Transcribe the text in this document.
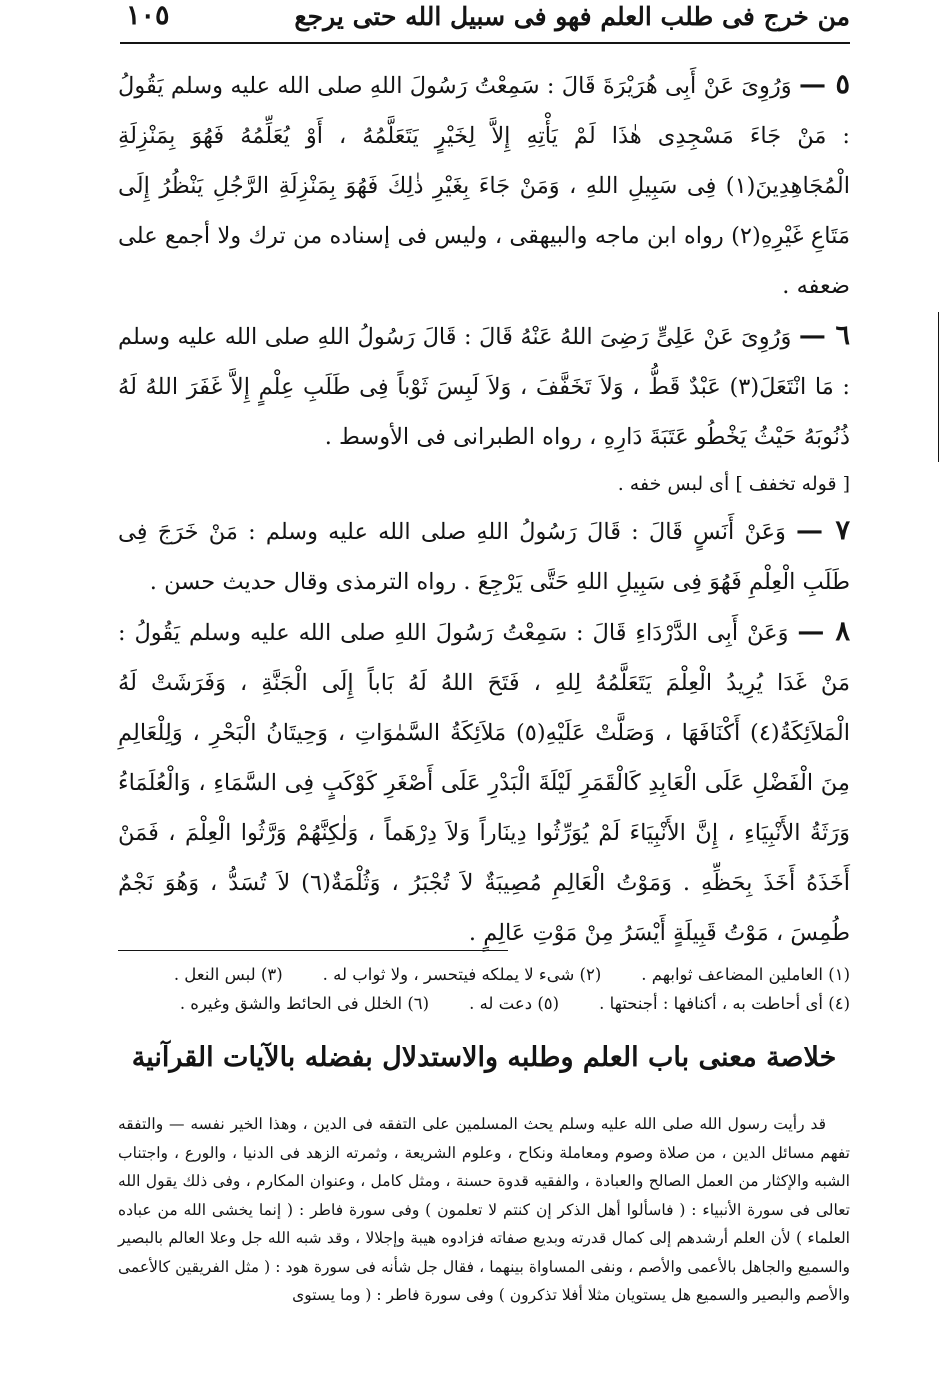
من خرج فى طلب العلم فهو فى سبيل الله حتى يرجع
١٠٥

٥ — وَرُوِىَ عَنْ أَبِى هُرَيْرَةَ قَالَ : سَمِعْتُ رَسُولَ اللهِ صلى الله عليه وسلم يَقُولُ : مَنْ جَاءَ مَسْجِدِى هٰذَا لَمْ يَأْتِهِ إِلاَّ لِخَيْرٍ يَتَعَلَّمُهُ ، أَوْ يُعَلِّمُهُ فَهُوَ بِمَنْزِلَةِ الْمُجَاهِدِينَ(١) فِى سَبِيلِ اللهِ ، وَمَنْ جَاءَ بِغَيْرِ ذٰلِكَ فَهُوَ بِمَنْزِلَةِ الرَّجُلِ يَنْظُرُ إِلَى مَتَاعِ غَيْرِهِ(٢) رواه ابن ماجه والبيهقى ، وليس فى إسناده من ترك ولا أجمع على ضعفه .

٦ — وَرُوِىَ عَنْ عَلِىٍّ رَضِىَ اللهُ عَنْهُ قَالَ : قَالَ رَسُولُ اللهِ صلى الله عليه وسلم : مَا انْتَعَلَ(٣) عَبْدٌ قَطُّ ، وَلاَ تَخَفَّفَ ، وَلاَ لَبِسَ ثَوْباً فِى طَلَبِ عِلْمٍ إِلاَّ غَفَرَ اللهُ لَهُ ذُنُوبَهُ حَيْثُ يَخْطُو عَتَبَةَ دَارِهِ ، رواه الطبرانى فى الأوسط .

[ قوله تخفف ] أى لبس خفه .

٧ — وَعَنْ أَنَسٍ قَالَ : قَالَ رَسُولُ اللهِ صلى الله عليه وسلم : مَنْ خَرَجَ فِى طَلَبِ الْعِلْمِ فَهُوَ فِى سَبِيلِ اللهِ حَتَّى يَرْجِعَ . رواه الترمذى وقال حديث حسن .

٨ — وَعَنْ أَبِى الدَّرْدَاءِ قَالَ : سَمِعْتُ رَسُولَ اللهِ صلى الله عليه وسلم يَقُولُ : مَنْ غَدَا يُرِيدُ الْعِلْمَ يَتَعَلَّمُهُ لِلهِ ، فَتَحَ اللهُ لَهُ بَاباً إِلَى الْجَنَّةِ ، وَفَرَشَتْ لَهُ الْمَلاَئِكَةُ(٤) أَكْنَافَهَا ، وَصَلَّتْ عَلَيْهِ(٥) مَلاَئِكَةُ السَّمٰوَاتِ ، وَحِيتَانُ الْبَحْرِ ، وَلِلْعَالِمِ مِنَ الْفَضْلِ عَلَى الْعَابِدِ كَالْقَمَرِ لَيْلَةَ الْبَدْرِ عَلَى أَصْغَرِ كَوْكَبٍ فِى السَّمَاءِ ، وَالْعُلَمَاءُ وَرَثَةُ الأَنْبِيَاءِ ، إِنَّ الأَنْبِيَاءَ لَمْ يُوَرِّثُوا دِينَاراً وَلاَ دِرْهَماً ، وَلٰكِنَّهُمْ وَرَّثُوا الْعِلْمَ ، فَمَنْ أَخَذَهُ أَخَذَ بِحَظِّهِ . وَمَوْتُ الْعَالِمِ مُصِيبَةٌ لاَ تُجْبَرُ ، وَثُلْمَةٌ(٦) لاَ تُسَدُّ ، وَهُوَ نَجْمٌ طُمِسَ ، مَوْتُ قَبِيلَةٍ أَيْسَرُ مِنْ مَوْتِ عَالِمٍ .

(١) العاملين المضاعف ثوابهم .
(٢) شىء لا يملكه فيتحسر ، ولا ثواب له .
(٣) لبس النعل .
(٤) أى أحاطت به ، أكنافها : أجنحتها .
(٥) دعت له .
(٦) الخلل فى الحائط والشق وغيره .
خلاصة معنى باب العلم وطلبه والاستدلال بفضله بالآيات القرآنية

قد رأيت رسول الله صلى الله عليه وسلم يحث المسلمين على التفقه فى الدين ، وهذا الخير نفسه — والتفقه تفهم مسائل الدين ، من صلاة وصوم ومعاملة ونكاح ، وعلوم الشريعة ، وثمرته الزهد فى الدنيا ، والورع ، واجتناب الشبه والإكثار من العمل الصالح والعبادة ، والفقيه قدوة حسنة ، ومثل كامل ، وعنوان المكارم ، وفى ذلك يقول الله تعالى فى سورة الأنبياء : ( فاسألوا أهل الذكر إن كنتم لا تعلمون ) وفى سورة فاطر : ( إنما يخشى الله من عباده العلماء ) لأن العلم أرشدهم إلى كمال قدرته وبديع صفاته فزادوه هيبة وإجلالا ، وقد شبه الله جل وعلا العالم بالبصير والسميع والجاهل بالأعمى والأصم ، ونفى المساواة بينهما ، فقال جل شأنه فى سورة هود : ( مثل الفريقين كالأعمى والأصم والبصير والسميع هل يستويان مثلا أفلا تذكرون ) وفى سورة فاطر : ( وما يستوى
